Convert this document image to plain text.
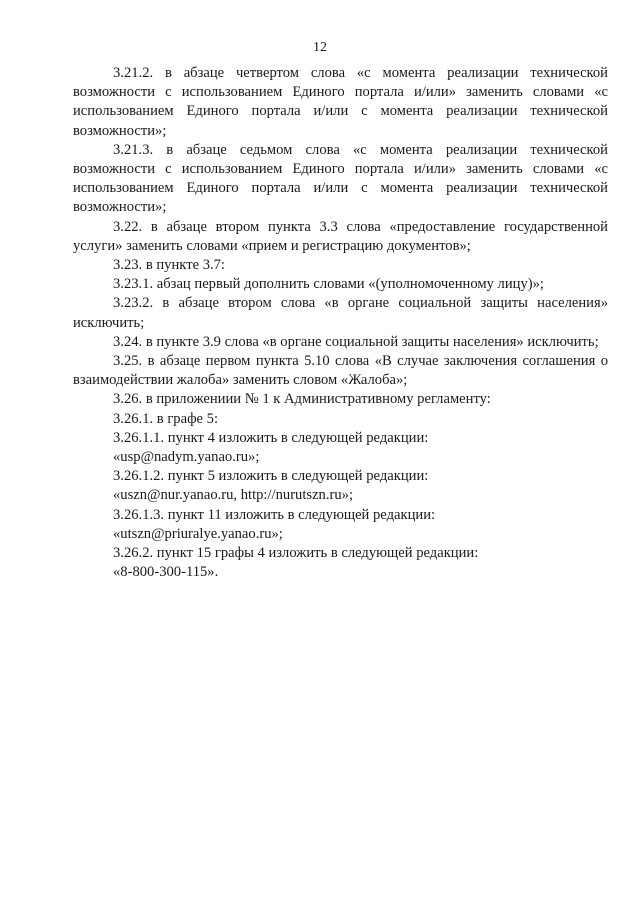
12

3.21.2. в абзаце четвертом слова «с момента реализации технической возможности с использованием Единого портала и/или» заменить словами «с использованием Единого портала и/или с момента реализации технической возможности»;

3.21.3. в абзаце седьмом слова «с момента реализации технической возможности с использованием Единого портала и/или» заменить словами «с использованием Единого портала и/или с момента реализации технической возможности»;

3.22. в абзаце втором пункта 3.3 слова «предоставление государственной услуги» заменить словами «прием и регистрацию документов»;

3.23. в пункте 3.7:

3.23.1. абзац первый дополнить словами «(уполномоченному лицу)»;

3.23.2. в абзаце втором слова «в органе социальной защиты населения» исключить;

3.24. в пункте 3.9 слова «в органе социальной защиты населения» исключить;

3.25. в абзаце первом пункта 5.10 слова «В случае заключения соглашения о взаимодействии жалоба» заменить словом «Жалоба»;

3.26. в приложениии № 1 к Административному регламенту:

3.26.1. в графе 5:

3.26.1.1. пункт 4 изложить в следующей редакции:

«usp@nadym.yanao.ru»;

3.26.1.2. пункт 5 изложить в следующей редакции:

«uszn@nur.yanao.ru, http://nurutszn.ru»;

3.26.1.3. пункт 11 изложить в следующей редакции:

«utszn@priuralye.yanao.ru»;

3.26.2. пункт 15 графы 4 изложить в следующей редакции:

«8-800-300-115».
